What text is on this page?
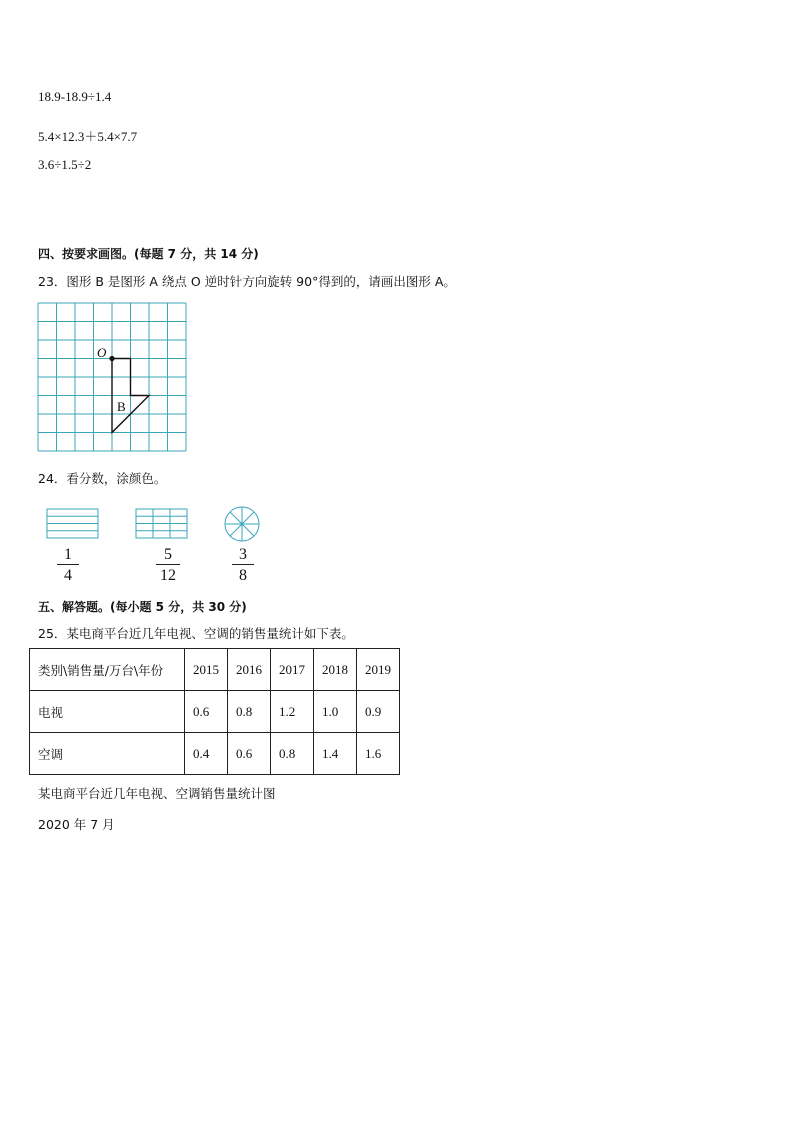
18.9-18.9÷1.4
5.4×12.3＋5.4×7.7
3.6÷1.5÷2
四、按要求画图。(每题 7 分，共 14 分)
23．图形 B 是图形 A 绕点 O 逆时针方向旋转 90°得到的，请画出图形 A。
O
B
24．看分数，涂颜色。
1
4
5
12
3
8
五、解答题。(每小题 5 分，共 30 分)
25．某电商平台近几年电视、空调的销售量统计如下表。
类别\销售量/万台\年份	2015	2016	2017	2018	2019
电视	0.6	0.8	1.2	1.0	0.9
空调	0.4	0.6	0.8	1.4	1.6
某电商平台近几年电视、空调销售量统计图
2020 年 7 月
